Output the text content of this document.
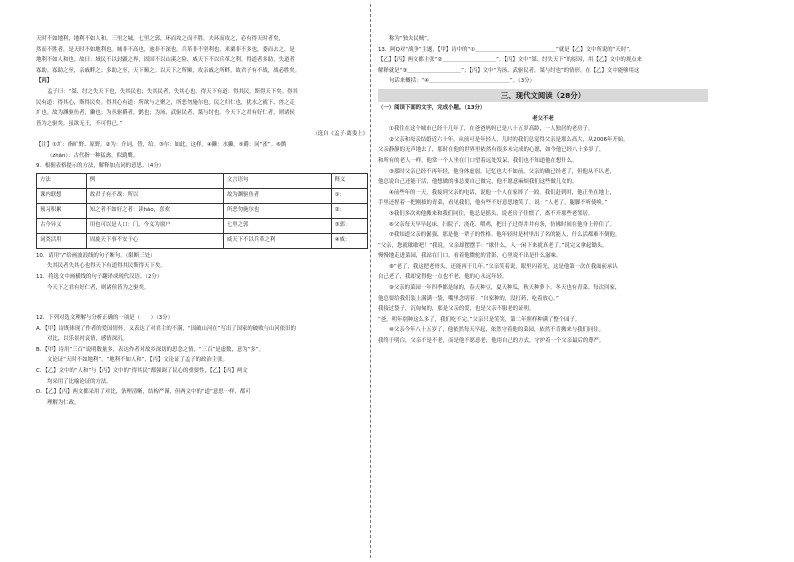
天时不如地利，地利不如人和。三里之城，七里之郭，环而攻之而不胜。夫环而攻之，必有得天时者矣，

然而不胜者，是天时不如地利也。城非不高也，池非不深也，兵革非不坚利也，米粟非不多也，委而去之，是

地利不如人和也。故曰：域民不以封疆之界，固国不以山溪之险，威天下不以兵革之利。得道者多助，失道者

寡助。寡助之至，亲戚畔之；多助之至，天下顺之。以天下之所顺，攻亲戚之所畔，故君子有不战，战必胜矣。

【丙】

孟子曰：“桀、纣之失天下也，失其民也；失其民者，失其心也。得天下有道：得其民，斯得天下矣。得其

民有道：得其心，斯得民矣。得其心有道：所欲与之聚之，所恶勿施尔也。民之归仁也，犹水之就下、兽之走

圹也。故为渊驱鱼者，獭也；为丛驱爵者，鹯也；为汤、武驱民者，桀与纣也。今天下之君有好仁者，则诸侯

皆为之驱矣。虽欲无王，不可得已。”

（选自《孟子·离娄上》

【注】①圹：指旷野、原野。②为：介词，替，给。③尔：如此，这样。④獭：水獭。⑤爵：同“雀”。⑥鹯

（zhān）：古代指一种猛禽，似鹞鹰。

9．根据表格提示的方法，解释加点词的意思。（4分）

方法	例	文言语句	释义
课内联想	故君子有不战：所以	故为渊驱鱼者	①：
预习积累	知之者不如好之者：读hào，喜欢	所恶勿施尔也	②：
古今异义	用也可以是人口：门，今义为窗户	七里之郭	③郭：
词类活用	周旋天下事不安于心	威天下不以兵革之利	④威：

10．请用“/”给画波浪线的句子断句。（限断三处）

失其民者失其心也得天下有道得其民斯得天下矣。

11．将选文中画横线的句子翻译成现代汉语。（2分）

今天下之君有好仁者，则诸侯皆为之驱矣。

12．下列对选文理解与分析正确的一项是（　　）（3分）

A．【甲】诗既体现了作者的爱国情怀，又表达了对君主的不满，“国破山河在”写出了国家的破败与山河依旧的

对比，以乐景衬哀情，感情深沉。

B．【甲】诗用“三百”说明数量多，表达作者对故乡深切的思念之情，“三百”是虚数，意为“多”。

文论证“天时不如地利”，“地利不如人和”，【丙】文论证了孟子的政治主张。

C．【乙】文中的“人和”与【丙】文中的“得其民”都强调了民心的重要性，【乙】【丙】两文

均采用了比喻论证的方法。

D．【乙】【丙】两文都采用了对比，条理清晰，结构严谨，但两文中的“道”意思一样，都可

理解为仁政。

称为“独夫民贼”。

13．阿Q对“战争”主题，【甲】诗中的“①＿＿＿＿＿＿＿＿＿＿＿＿＿＿＿”就是【乙】文中所说的“天时”，

【乙】【丙】两文都主张“②＿＿＿＿＿＿＿＿＿＿”。【丙】文中“桀、纣失天下”的原因，用【乙】文中的观点来

解释就是“③＿＿＿＿＿＿＿＿＿＿”；【丙】文中“为汤、武驱民者，桀与纣也”的情形，在【乙】文中能够用这

句话来概括：“④＿＿＿＿＿＿＿＿＿＿＿＿＿＿＿”。（3分）

三、现代文阅读（28分）

（一）阅读下面的文字，完成小题。（13分）

老父不老

①我住在这个城市已经十几年了，在爸爸妈妈已是八十五岁高龄，一人独居的老房子。

②父亲和母亲结婚近六十年，从前可是年轻人，儿时的我们总觉得父亲是那么高大，从2006年开始，

父亲静静的无声地去了，那时在他的世界里依然有很多未完成的心愿，如今他已经八十多岁了，

和所有的老人一样，他常一个人坐在门口望着远处发呆，我们也不知道他在想什么。

③那时父亲已经不再年轻，他身体虚弱，记忆也大不如前，父亲的确已经老了，但他从不认老，

他总说自己还能干活，他想做的事总要自己做完，他不愿意麻烦我们这些做儿女的。

④前些年的一天，我接到父亲的电话，说他一个人在家摔了一跤。我们赶到时，他正坐在地上，

手里还捏着一把刚拔的青菜，看见我们，他有些不好意思地笑了，说：“人老了，腿脚不听使唤。”

⑤我们多次劝他搬来和我们同住，他总是摇头，说老房子住惯了，离不开那些老邻居。

⑥父亲每天早早起床，扫院子、浇花、喂鸡，把日子过得井井有条，仿佛时间在他身上停住了。

⑦我知道父亲的倔强，那是他一辈子的性格。他年轻时是村里出了名的能人，什么活都难不倒他。

“父亲，您就歇歇吧！”我说。父亲却摆摆手：“歇什么，人一闲下来就真老了。”说完又拿起锄头，

慢慢地走进菜园，我站在门口，看着他微驼的背影，心里说不出是什么滋味。

⑧“老了，我这把老骨头，还能再干几年。”父亲笑着说，眼里闪着光，这是他第一次在我面前承认

自己老了，我却觉得他一点也不老，他的心永远年轻。

⑨父亲的菜园一年四季都是绿的，春天种豆，夏天种瓜，秋天种萝卜，冬天也有青菜。每次回家，

他总要给我们装上满满一袋，嘴里念叨着：“自家种的，没打药，吃着放心。”

我接过袋子，沉甸甸的，那是父亲的爱，也是父亲不服老的证明。

“爸，明年别种这么多了，我们吃不完。”父亲只是笑笑，第二年照样种满了整个园子。

⑩父亲今年八十五岁了，他依然每天早起，依然守着他的菜园，依然不肯搬来与我们同住。

我终于明白，父亲不是不老，而是他不愿意老，他用自己的方式，守护着一个父亲最后的尊严。
